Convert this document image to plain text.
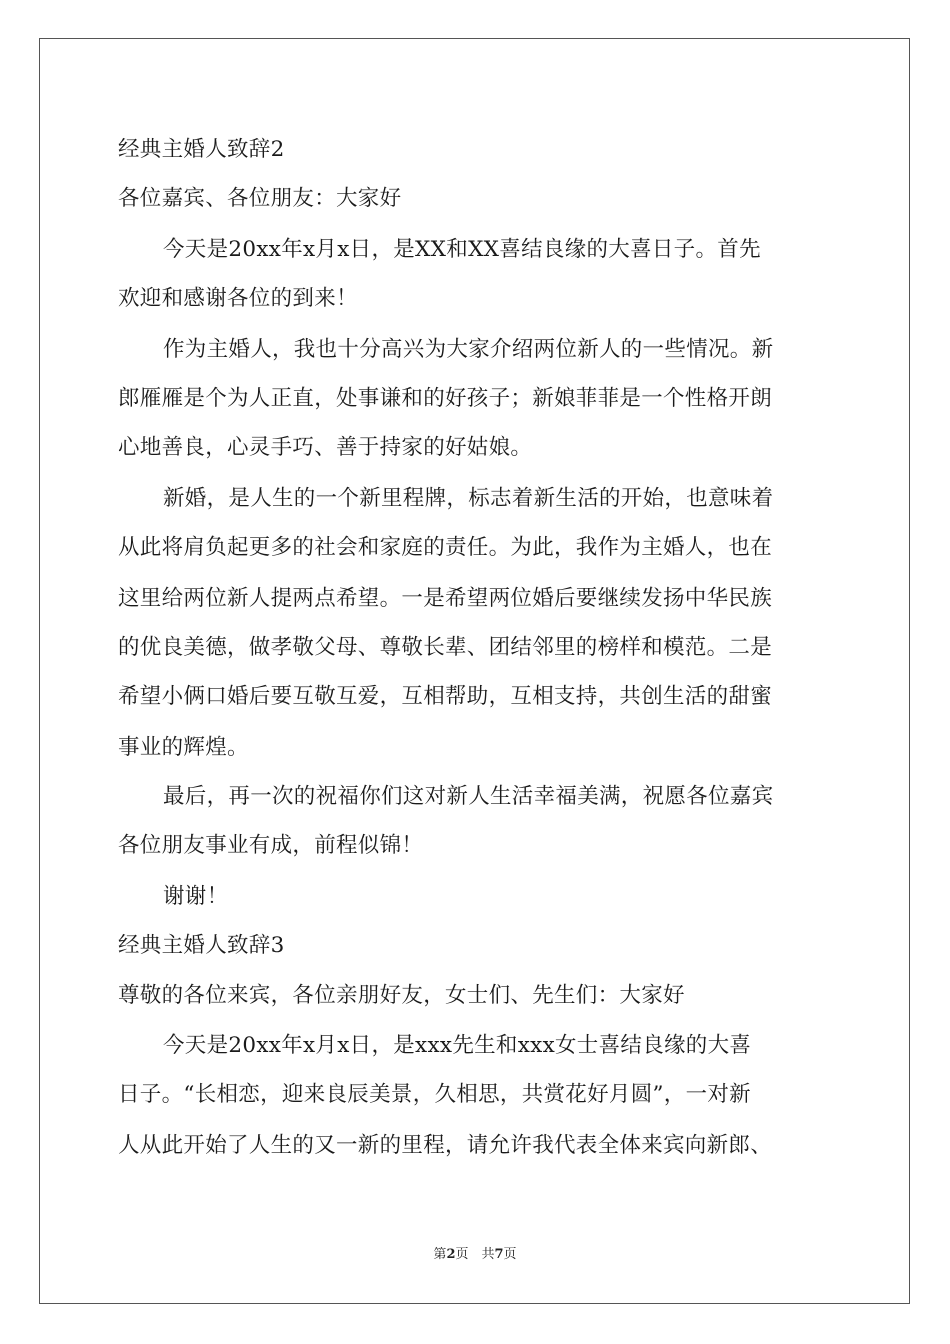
经典主婚人致辞2
各位嘉宾、各位朋友：大家好
今天是20xx年x月x日，是XX和XX喜结良缘的大喜日子。首先
欢迎和感谢各位的到来！
作为主婚人，我也十分高兴为大家介绍两位新人的一些情况。新
郎雁雁是个为人正直，处事谦和的好孩子；新娘菲菲是一个性格开朗
心地善良，心灵手巧、善于持家的好姑娘。
新婚，是人生的一个新里程牌，标志着新生活的开始，也意味着
从此将肩负起更多的社会和家庭的责任。为此，我作为主婚人，也在
这里给两位新人提两点希望。一是希望两位婚后要继续发扬中华民族
的优良美德，做孝敬父母、尊敬长辈、团结邻里的榜样和模范。二是
希望小俩口婚后要互敬互爱，互相帮助，互相支持，共创生活的甜蜜
事业的辉煌。
最后，再一次的祝福你们这对新人生活幸福美满，祝愿各位嘉宾
各位朋友事业有成，前程似锦！
谢谢！
经典主婚人致辞3
尊敬的各位来宾，各位亲朋好友，女士们、先生们：大家好
今天是20xx年x月x日，是xxx先生和xxx女士喜结良缘的大喜
日子。“长相恋，迎来良辰美景，久相思，共赏花好月圆”，一对新
人从此开始了人生的又一新的里程，请允许我代表全体来宾向新郎、
第2页　共7页
